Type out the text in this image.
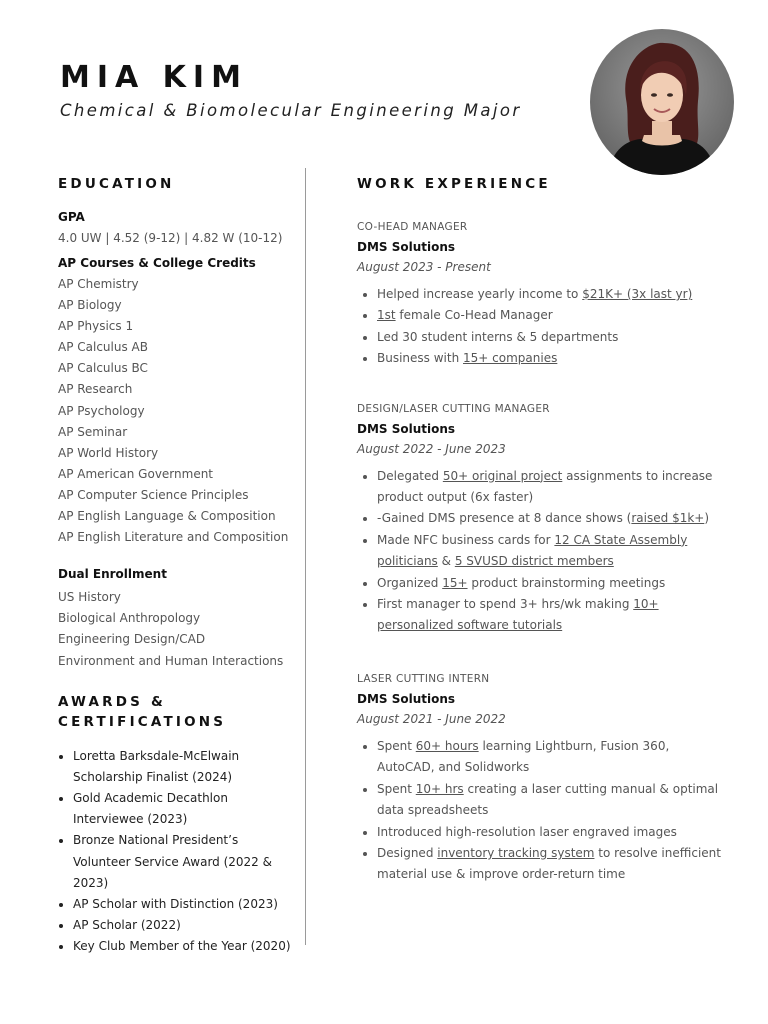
MIA KIM
Chemical & Biomolecular Engineering Major
EDUCATION
GPA
4.0 UW | 4.52 (9-12) | 4.82 W (10-12)
AP Courses & College Credits
AP Chemistry
AP Biology
AP Physics 1
AP Calculus AB
AP Calculus BC
AP Research
AP Psychology
AP Seminar
AP World History
AP American Government
AP Computer Science Principles
AP English Language & Composition
AP English Literature and Composition
Dual Enrollment
US History
Biological Anthropology
Engineering Design/CAD
Environment and Human Interactions
AWARDS &
CERTIFICATIONS
• Loretta Barksdale-McElwain Scholarship Finalist (2024)
• Gold Academic Decathlon Interviewee (2023)
• Bronze National President’s Volunteer Service Award (2022 & 2023)
• AP Scholar with Distinction (2023)
• AP Scholar (2022)
• Key Club Member of the Year (2020)
WORK EXPERIENCE
CO-HEAD MANAGER
DMS Solutions
August 2023 - Present
• Helped increase yearly income to $21K+ (3x last yr)
• 1st female Co-Head Manager
• Led 30 student interns & 5 departments
• Business with 15+ companies
DESIGN/LASER CUTTING MANAGER
DMS Solutions
August 2022 - June 2023
• Delegated 50+ original project assignments to increase product output (6x faster)
• -Gained DMS presence at 8 dance shows (raised $1k+)
• Made NFC business cards for 12 CA State Assembly politicians & 5 SVUSD district members
• Organized 15+ product brainstorming meetings
• First manager to spend 3+ hrs/wk making 10+ personalized software tutorials
LASER CUTTING INTERN
DMS Solutions
August 2021 - June 2022
• Spent 60+ hours learning Lightburn, Fusion 360, AutoCAD, and Solidworks
• Spent 10+ hrs creating a laser cutting manual & optimal data spreadsheets
• Introduced high-resolution laser engraved images
• Designed inventory tracking system to resolve inefficient material use & improve order-return time
